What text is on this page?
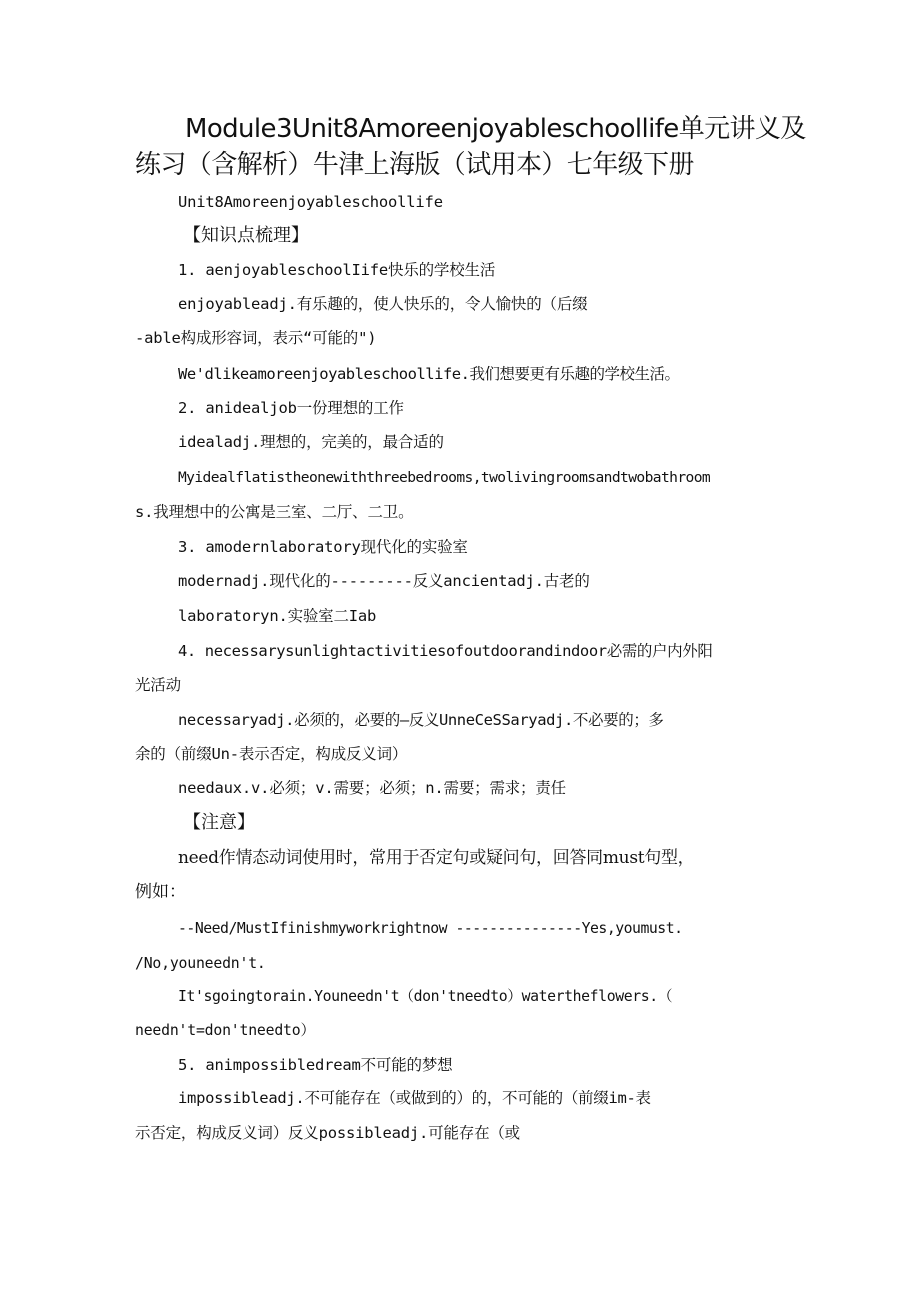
Module3Unit8Amoreenjoyableschoollife单元讲义及
练习（含解析）牛津上海版（试用本）七年级下册
Unit8Amoreenjoyableschoollife
【知识点梳理】
1. aenjoyableschoolIife快乐的学校生活
enjoyableadj.有乐趣的，使人快乐的，令人愉快的（后缀
-able构成形容词，表示“可能的")
We'dlikeamoreenjoyableschoollife.我们想要更有乐趣的学校生活。
2. anidealjob一份理想的工作
idealadj.理想的，完美的，最合适的
Myidealflatistheonewiththreebedrooms,twolivingroomsandtwobathroom
s.我理想中的公寓是三室、二厅、二卫。
3. amodernlaboratory现代化的实验室
modernadj.现代化的---------反义ancientadj.古老的
laboratoryn.实验室二Iab
4. necessarysunlightactivitiesofoutdoorandindoor必需的户内外阳
光活动
necessaryadj.必须的，必要的—反义UnneCeSSaryadj.不必要的；多
余的（前缀Un-表示否定，构成反义词）
needaux.v.必须；v.需要；必须；n.需要；需求；责任
【注意】
need作情态动词使用时，常用于否定句或疑问句，回答同must句型，
例如：
--Need/MustIfinishmyworkrightnow ---------------Yes,youmust.
/No,youneedn't.
It'sgoingtorain.Youneedn't（don'tneedto）watertheflowers.（
needn't=don'tneedto）
5. animpossibledream不可能的梦想
impossibleadj.不可能存在（或做到的）的，不可能的（前缀im-表
示否定，构成反义词）反义possibleadj.可能存在（或
